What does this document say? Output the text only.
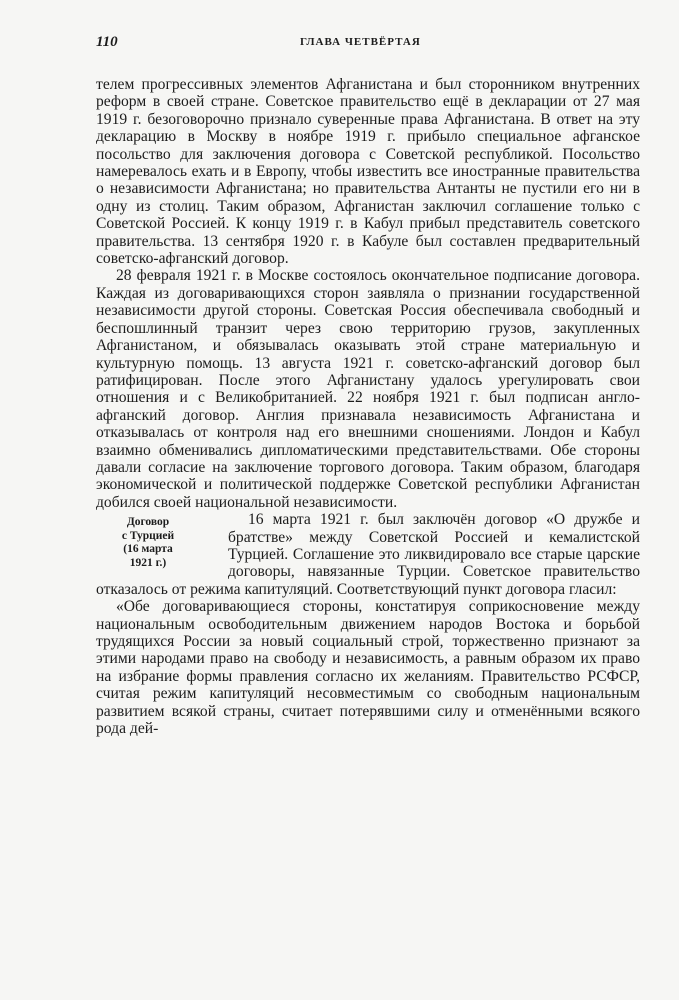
110	ГЛАВА ЧЕТВЁРТАЯ

телем прогрессивных элементов Афганистана и был сторонником внутренних реформ в своей стране. Советское правительство ещё в декларации от 27 мая 1919 г. безоговорочно признало суверенные права Афганистана. В ответ на эту декларацию в Москву в ноябре 1919 г. прибыло специальное афганское посольство для заключения договора с Советской республикой. Посольство намеревалось ехать и в Европу, чтобы известить все иностранные правительства о независимости Афганистана; но правительства Антанты не пустили его ни в одну из столиц. Таким образом, Афганистан заключил соглашение только с Советской Россией. К концу 1919 г. в Кабул прибыл представитель советского правительства. 13 сентября 1920 г. в Кабуле был составлен предварительный советско-афганский договор.

28 февраля 1921 г. в Москве состоялось окончательное подписание договора. Каждая из договаривающихся сторон заявляла о признании государственной независимости другой стороны. Советская Россия обеспечивала свободный и беспошлинный транзит через свою территорию грузов, закупленных Афганистаном, и обязывалась оказывать этой стране материальную и культурную помощь. 13 августа 1921 г. советско-афганский договор был ратифицирован. После этого Афганистану удалось урегулировать свои отношения и с Великобританией. 22 ноября 1921 г. был подписан англо-афганский договор. Англия признавала независимость Афганистана и отказывалась от контроля над его внешними сношениями. Лондон и Кабул взаимно обменивались дипломатическими представительствами. Обе стороны давали согласие на заключение торгового договора. Таким образом, благодаря экономической и политической поддержке Советской республики Афганистан добился своей национальной независимости.

Договор
с Турцией
(16 марта
1921 г.)

16 марта 1921 г. был заключён договор «О дружбе и братстве» между Советской Россией и кемалистской Турцией. Соглашение это ликвидировало все старые царские договоры, навязанные Турции. Советское правительство отказалось от режима капитуляций. Соответствующий пункт договора гласил:

«Обе договаривающиеся стороны, констатируя соприкосновение между национальным освободительным движением народов Востока и борьбой трудящихся России за новый социальный строй, торжественно признают за этими народами право на свободу и независимость, а равным образом их право на избрание формы правления согласно их желаниям. Правительство РСФСР, считая режим капитуляций несовместимым со свободным национальным развитием всякой страны, считает потерявшими силу и отменёнными всякого рода дей-
